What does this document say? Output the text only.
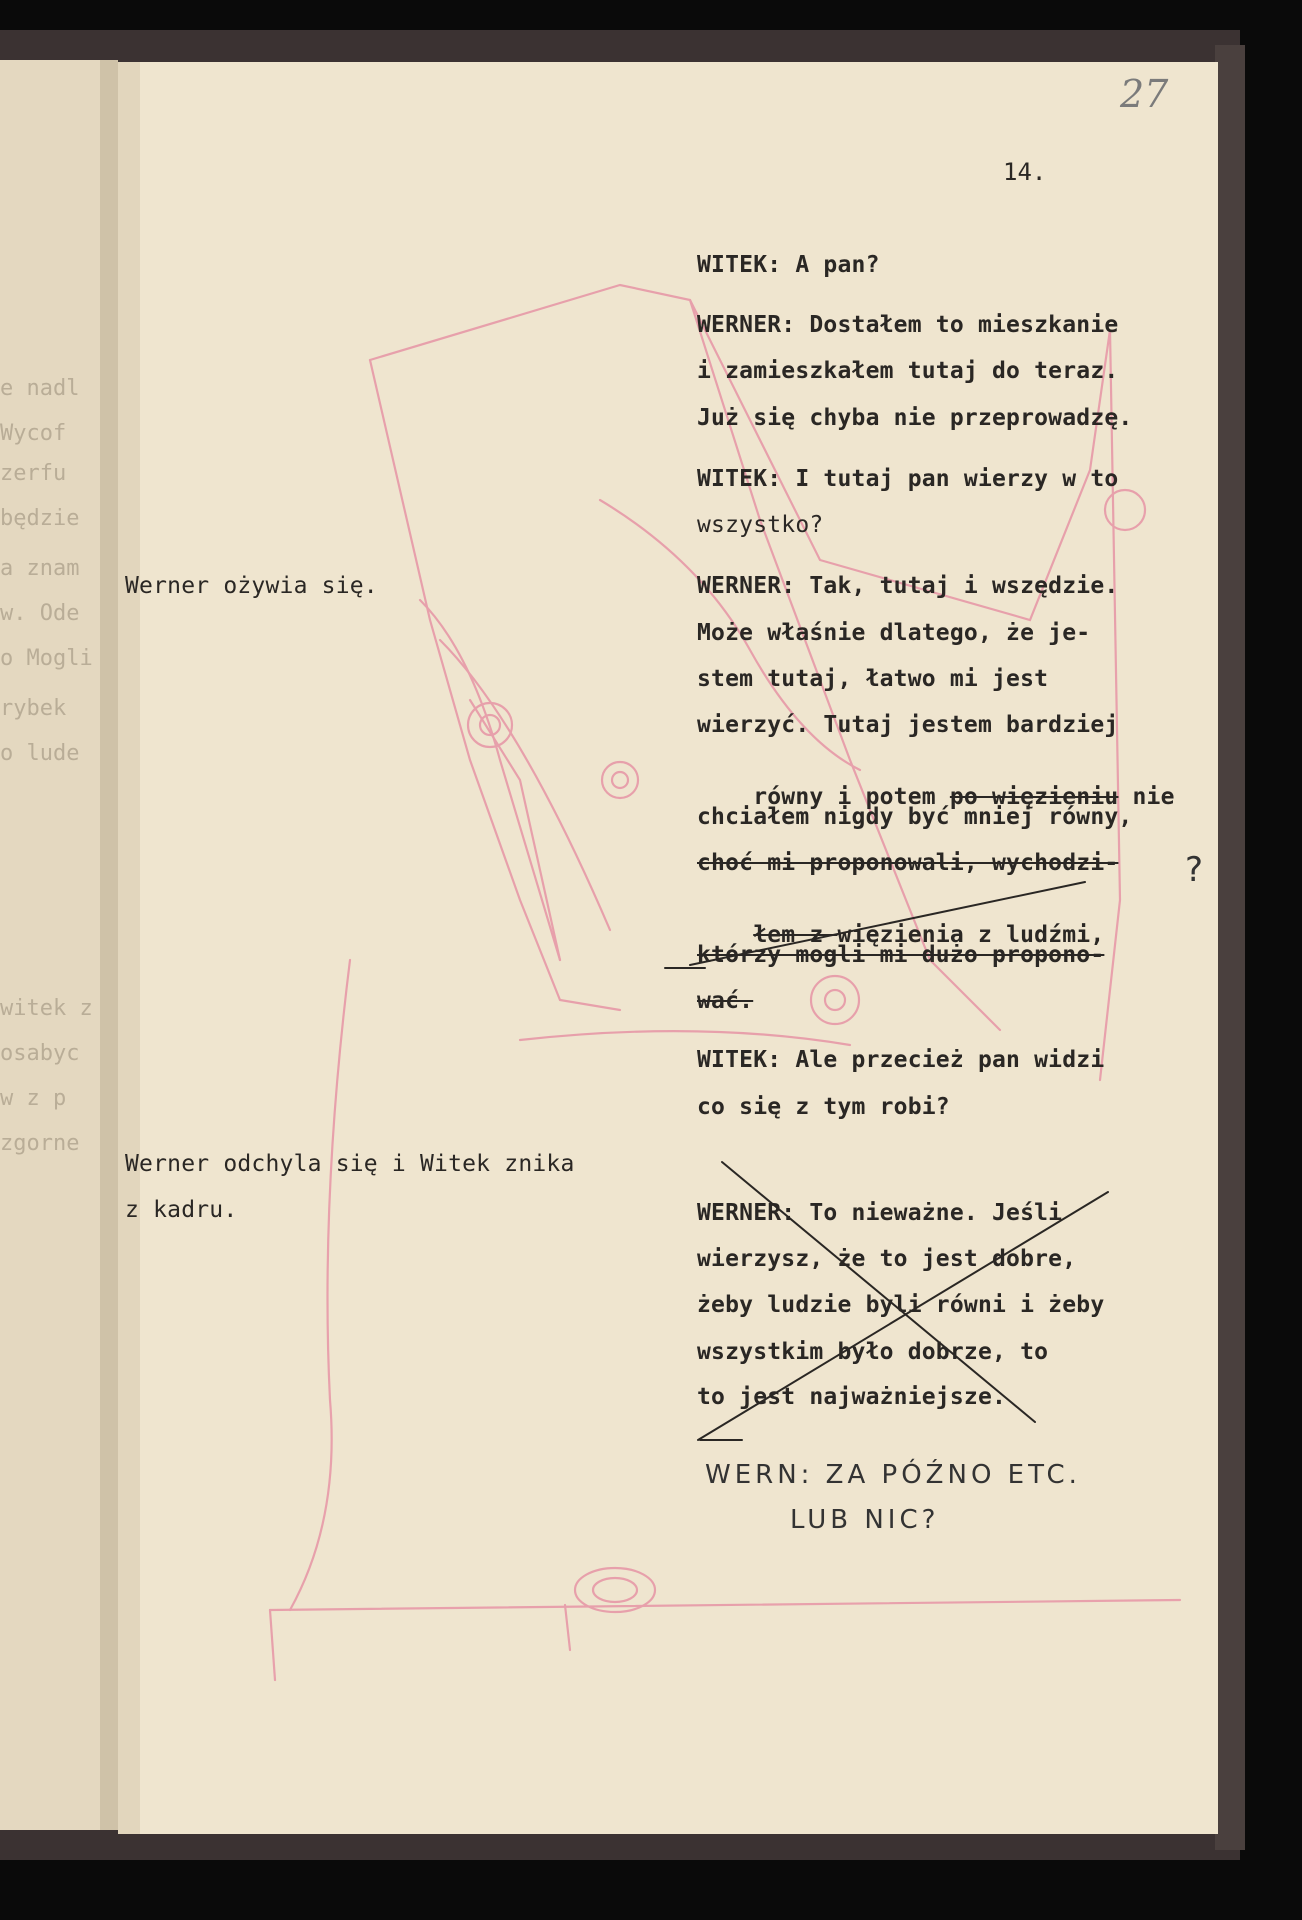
e nadl
Wycof
zerfu
będzie
a znam
w. Ode
o Mogli
rybek
o lude
witek z
osabyc
w z p
zgorne
27
14.
WITEK: A pan?
WERNER: Dostałem to mieszkanie
i zamieszkałem tutaj do teraz.
Już się chyba nie przeprowadzę.
WITEK: I tutaj pan wierzy w to
wszystko?
WERNER: Tak, tutaj i wszędzie.
Może właśnie dlatego, że je-
stem tutaj, łatwo mi jest
wierzyć. Tutaj jestem bardziej

równy i potem po więzieniu nie

chciałem nigdy być mniej równy,
choć mi proponowali, wychodzi-

łem z więzienia z ludźmi,

którzy mogli mi dużo propono-
wać.
WITEK: Ale przecież pan widzi
co się z tym robi?
WERNER: To nieważne. Jeśli
wierzysz, że to jest dobre,
żeby ludzie byli równi i żeby
wszystkim było dobrze, to
to jest najważniejsze.
Werner ożywia się.
Werner odchyla się i Witek znika
z kadru.
WERN: ZA PÓŹNO ETC.
LUB NIC?
?
